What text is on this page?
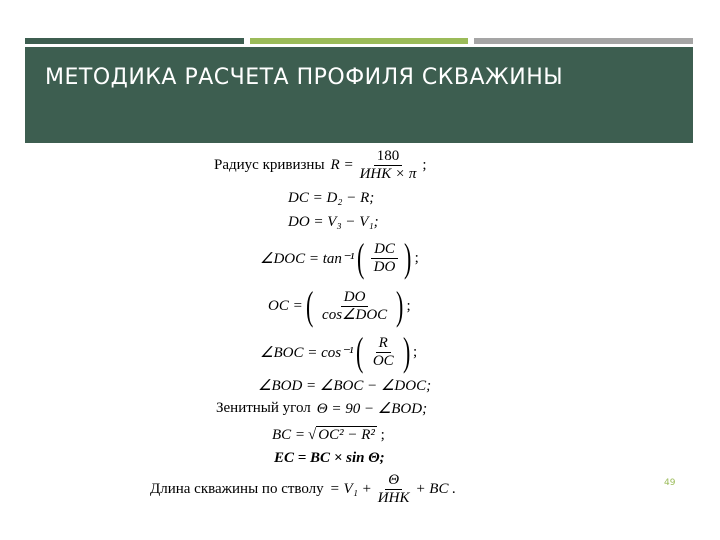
МЕТОДИКА РАСЧЕТА ПРОФИЛЯ СКВАЖИНЫ
Радиус кривизны $R = \frac{180}{\text{ИНК × π}}$ ;
DC = D₂ − R;
DO = V₃ − V₁;
∠DOC = tan⁻¹ ( $\frac{DC}{DO}$ ) ;
OC = ( $\frac{DO}{\text{cos∠DOC}}$ ) ;
∠BOC = cos⁻¹ ( $\frac{R}{OC}$ ) ;
∠BOD = ∠BOC − ∠DOC;
Зенитный угол Θ = 90 − ∠BOD;
BC = √ OC² − R² ;
EC = BC × sin Θ;
Длина скважины по стволу = $V_1 + \frac{\Theta}{\text{ИНК}}$ + BC .	49
